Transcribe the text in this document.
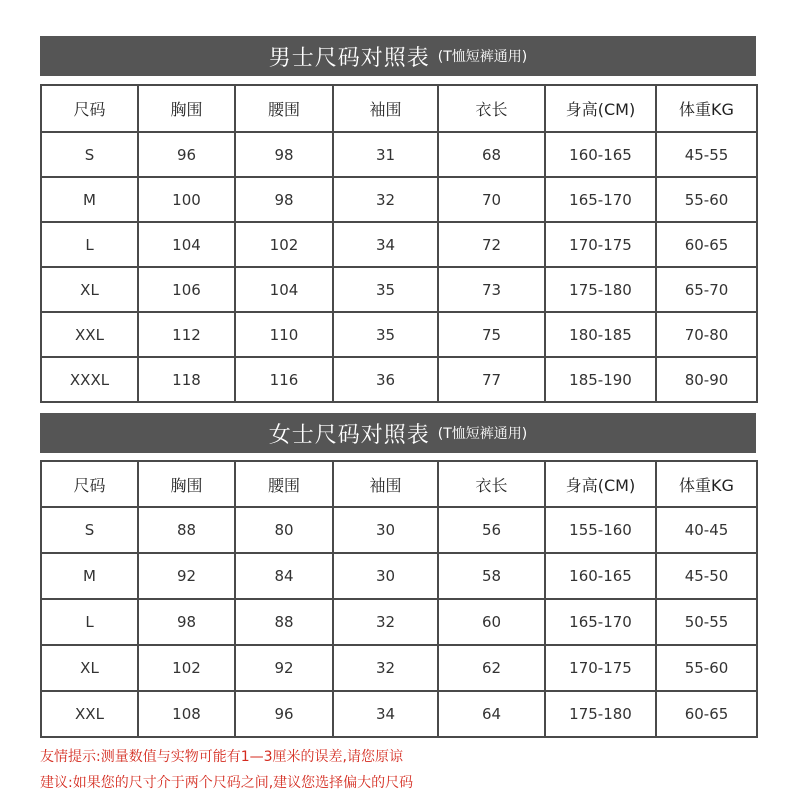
男士尺码对照表 (T恤短裤通用)
尺码	胸围	腰围	袖围	衣长	身高(CM)	体重KG
S	96	98	31	68	160-165	45-55
M	100	98	32	70	165-170	55-60
L	104	102	34	72	170-175	60-65
XL	106	104	35	73	175-180	65-70
XXL	112	110	35	75	180-185	70-80
XXXL	118	116	36	77	185-190	80-90
女士尺码对照表 (T恤短裤通用)
尺码	胸围	腰围	袖围	衣长	身高(CM)	体重KG
S	88	80	30	56	155-160	40-45
M	92	84	30	58	160-165	45-50
L	98	88	32	60	165-170	50-55
XL	102	92	32	62	170-175	55-60
XXL	108	96	34	64	175-180	60-65
友情提示:测量数值与实物可能有1—3厘米的误差,请您原谅
建议:如果您的尺寸介于两个尺码之间,建议您选择偏大的尺码
